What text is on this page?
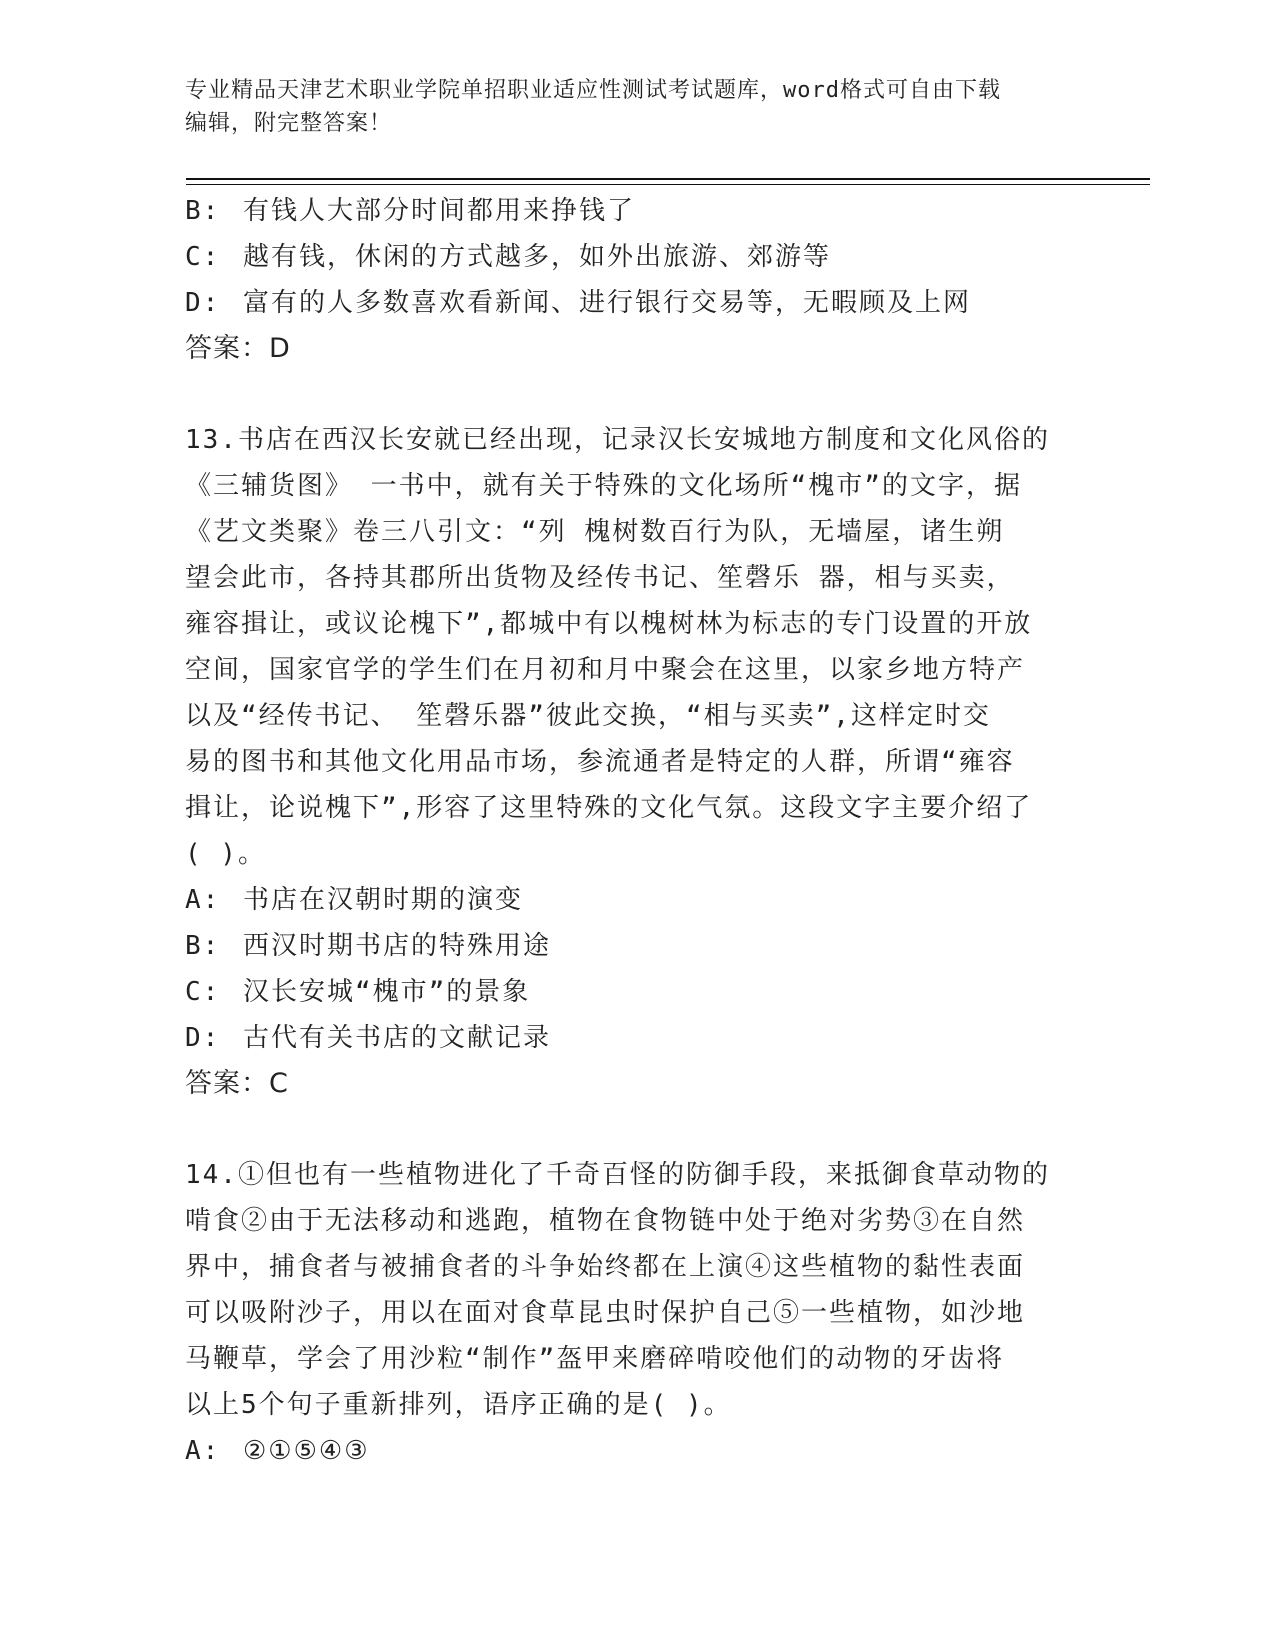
专业精品天津艺术职业学院单招职业适应性测试考试题库，word格式可自由下载
编辑，附完整答案！
B: 有钱人大部分时间都用来挣钱了
C: 越有钱，休闲的方式越多，如外出旅游、郊游等
D: 富有的人多数喜欢看新闻、进行银行交易等，无暇顾及上网
答案：D
13.书店在西汉长安就已经出现，记录汉长安城地方制度和文化风俗的
《三辅货图》 一书中，就有关于特殊的文化场所“槐市”的文字，据
《艺文类聚》卷三八引文：“列 槐树数百行为队，无墙屋，诸生朔
望会此市，各持其郡所出货物及经传书记、笙磬乐 器，相与买卖，
雍容揖让，或议论槐下”,都城中有以槐树林为标志的专门设置的开放
空间，国家官学的学生们在月初和月中聚会在这里，以家乡地方特产
以及“经传书记、 笙磬乐器”彼此交换，“相与买卖”,这样定时交
易的图书和其他文化用品市场，参流通者是特定的人群，所谓“雍容
揖让，论说槐下”,形容了这里特殊的文化气氛。这段文字主要介绍了
( )。
A: 书店在汉朝时期的演变
B: 西汉时期书店的特殊用途
C: 汉长安城“槐市”的景象
D: 古代有关书店的文献记录
答案：C
14.①但也有一些植物进化了千奇百怪的防御手段，来抵御食草动物的
啃食②由于无法移动和逃跑，植物在食物链中处于绝对劣势③在自然
界中，捕食者与被捕食者的斗争始终都在上演④这些植物的黏性表面
可以吸附沙子，用以在面对食草昆虫时保护自己⑤一些植物，如沙地
马鞭草，学会了用沙粒“制作”盔甲来磨碎啃咬他们的动物的牙齿将
以上5个句子重新排列，语序正确的是( )。
A: ②①⑤④③
